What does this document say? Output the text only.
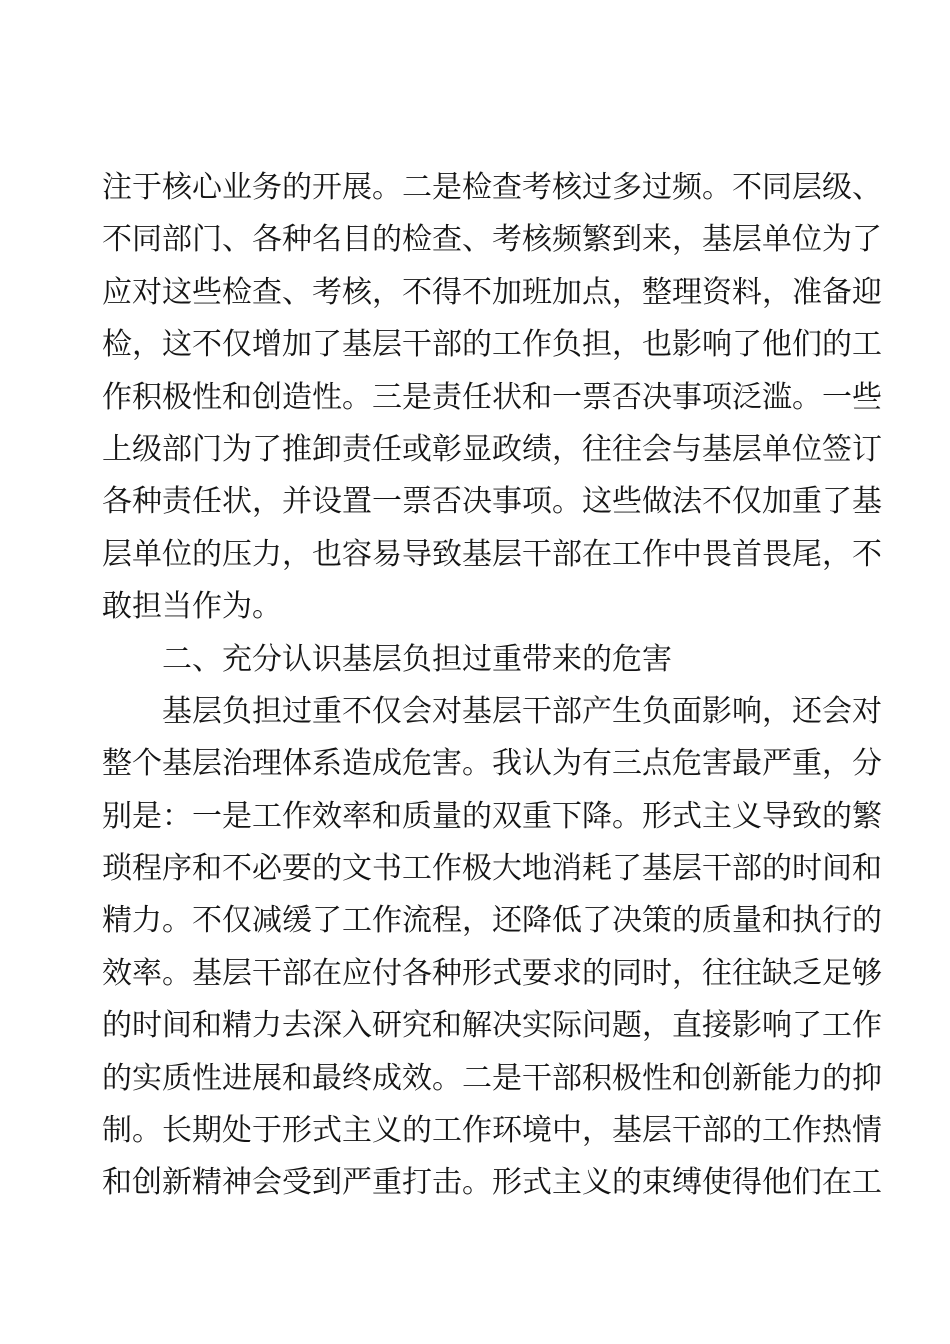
注于核心业务的开展。二是检查考核过多过频。不同层级、
不同部门、各种名目的检查、考核频繁到来，基层单位为了
应对这些检查、考核，不得不加班加点，整理资料，准备迎
检，这不仅增加了基层干部的工作负担，也影响了他们的工
作积极性和创造性。三是责任状和一票否决事项泛滥。一些
上级部门为了推卸责任或彰显政绩，往往会与基层单位签订
各种责任状，并设置一票否决事项。这些做法不仅加重了基
层单位的压力，也容易导致基层干部在工作中畏首畏尾，不
敢担当作为。
二、充分认识基层负担过重带来的危害
基层负担过重不仅会对基层干部产生负面影响，还会对
整个基层治理体系造成危害。我认为有三点危害最严重，分
别是：一是工作效率和质量的双重下降。形式主义导致的繁
琐程序和不必要的文书工作极大地消耗了基层干部的时间和
精力。不仅减缓了工作流程，还降低了决策的质量和执行的
效率。基层干部在应付各种形式要求的同时，往往缺乏足够
的时间和精力去深入研究和解决实际问题，直接影响了工作
的实质性进展和最终成效。二是干部积极性和创新能力的抑
制。长期处于形式主义的工作环境中，基层干部的工作热情
和创新精神会受到严重打击。形式主义的束缚使得他们在工
